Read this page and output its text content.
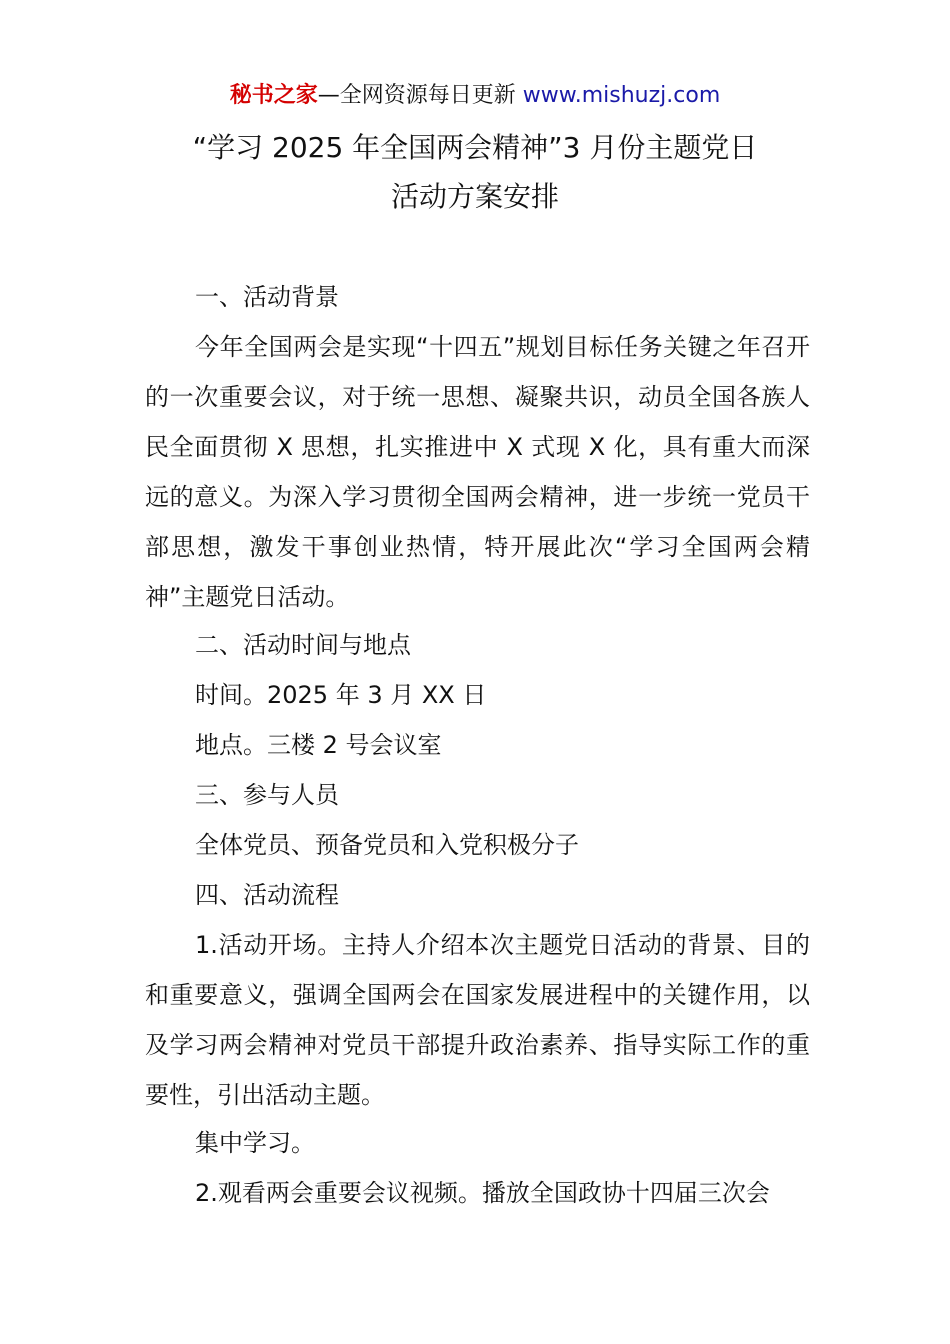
秘书之家—全网资源每日更新 www.mishuzj.com
“学习 2025 年全国两会精神”3 月份主题党日
活动方案安排
一、活动背景
今年全国两会是实现“十四五”规划目标任务关键之年召开的一次重要会议，对于统一思想、凝聚共识，动员全国各族人民全面贯彻 X 思想，扎实推进中 X 式现 X 化，具有重大而深远的意义。为深入学习贯彻全国两会精神，进一步统一党员干部思想，激发干事创业热情，特开展此次“学习全国两会精神”主题党日活动。
二、活动时间与地点
时间。2025 年 3 月 XX 日
地点。三楼 2 号会议室
三、参与人员
全体党员、预备党员和入党积极分子
四、活动流程
1.活动开场。主持人介绍本次主题党日活动的背景、目的和重要意义，强调全国两会在国家发展进程中的关键作用，以及学习两会精神对党员干部提升政治素养、指导实际工作的重要性，引出活动主题。
集中学习。
2.观看两会重要会议视频。播放全国政协十四届三次会
